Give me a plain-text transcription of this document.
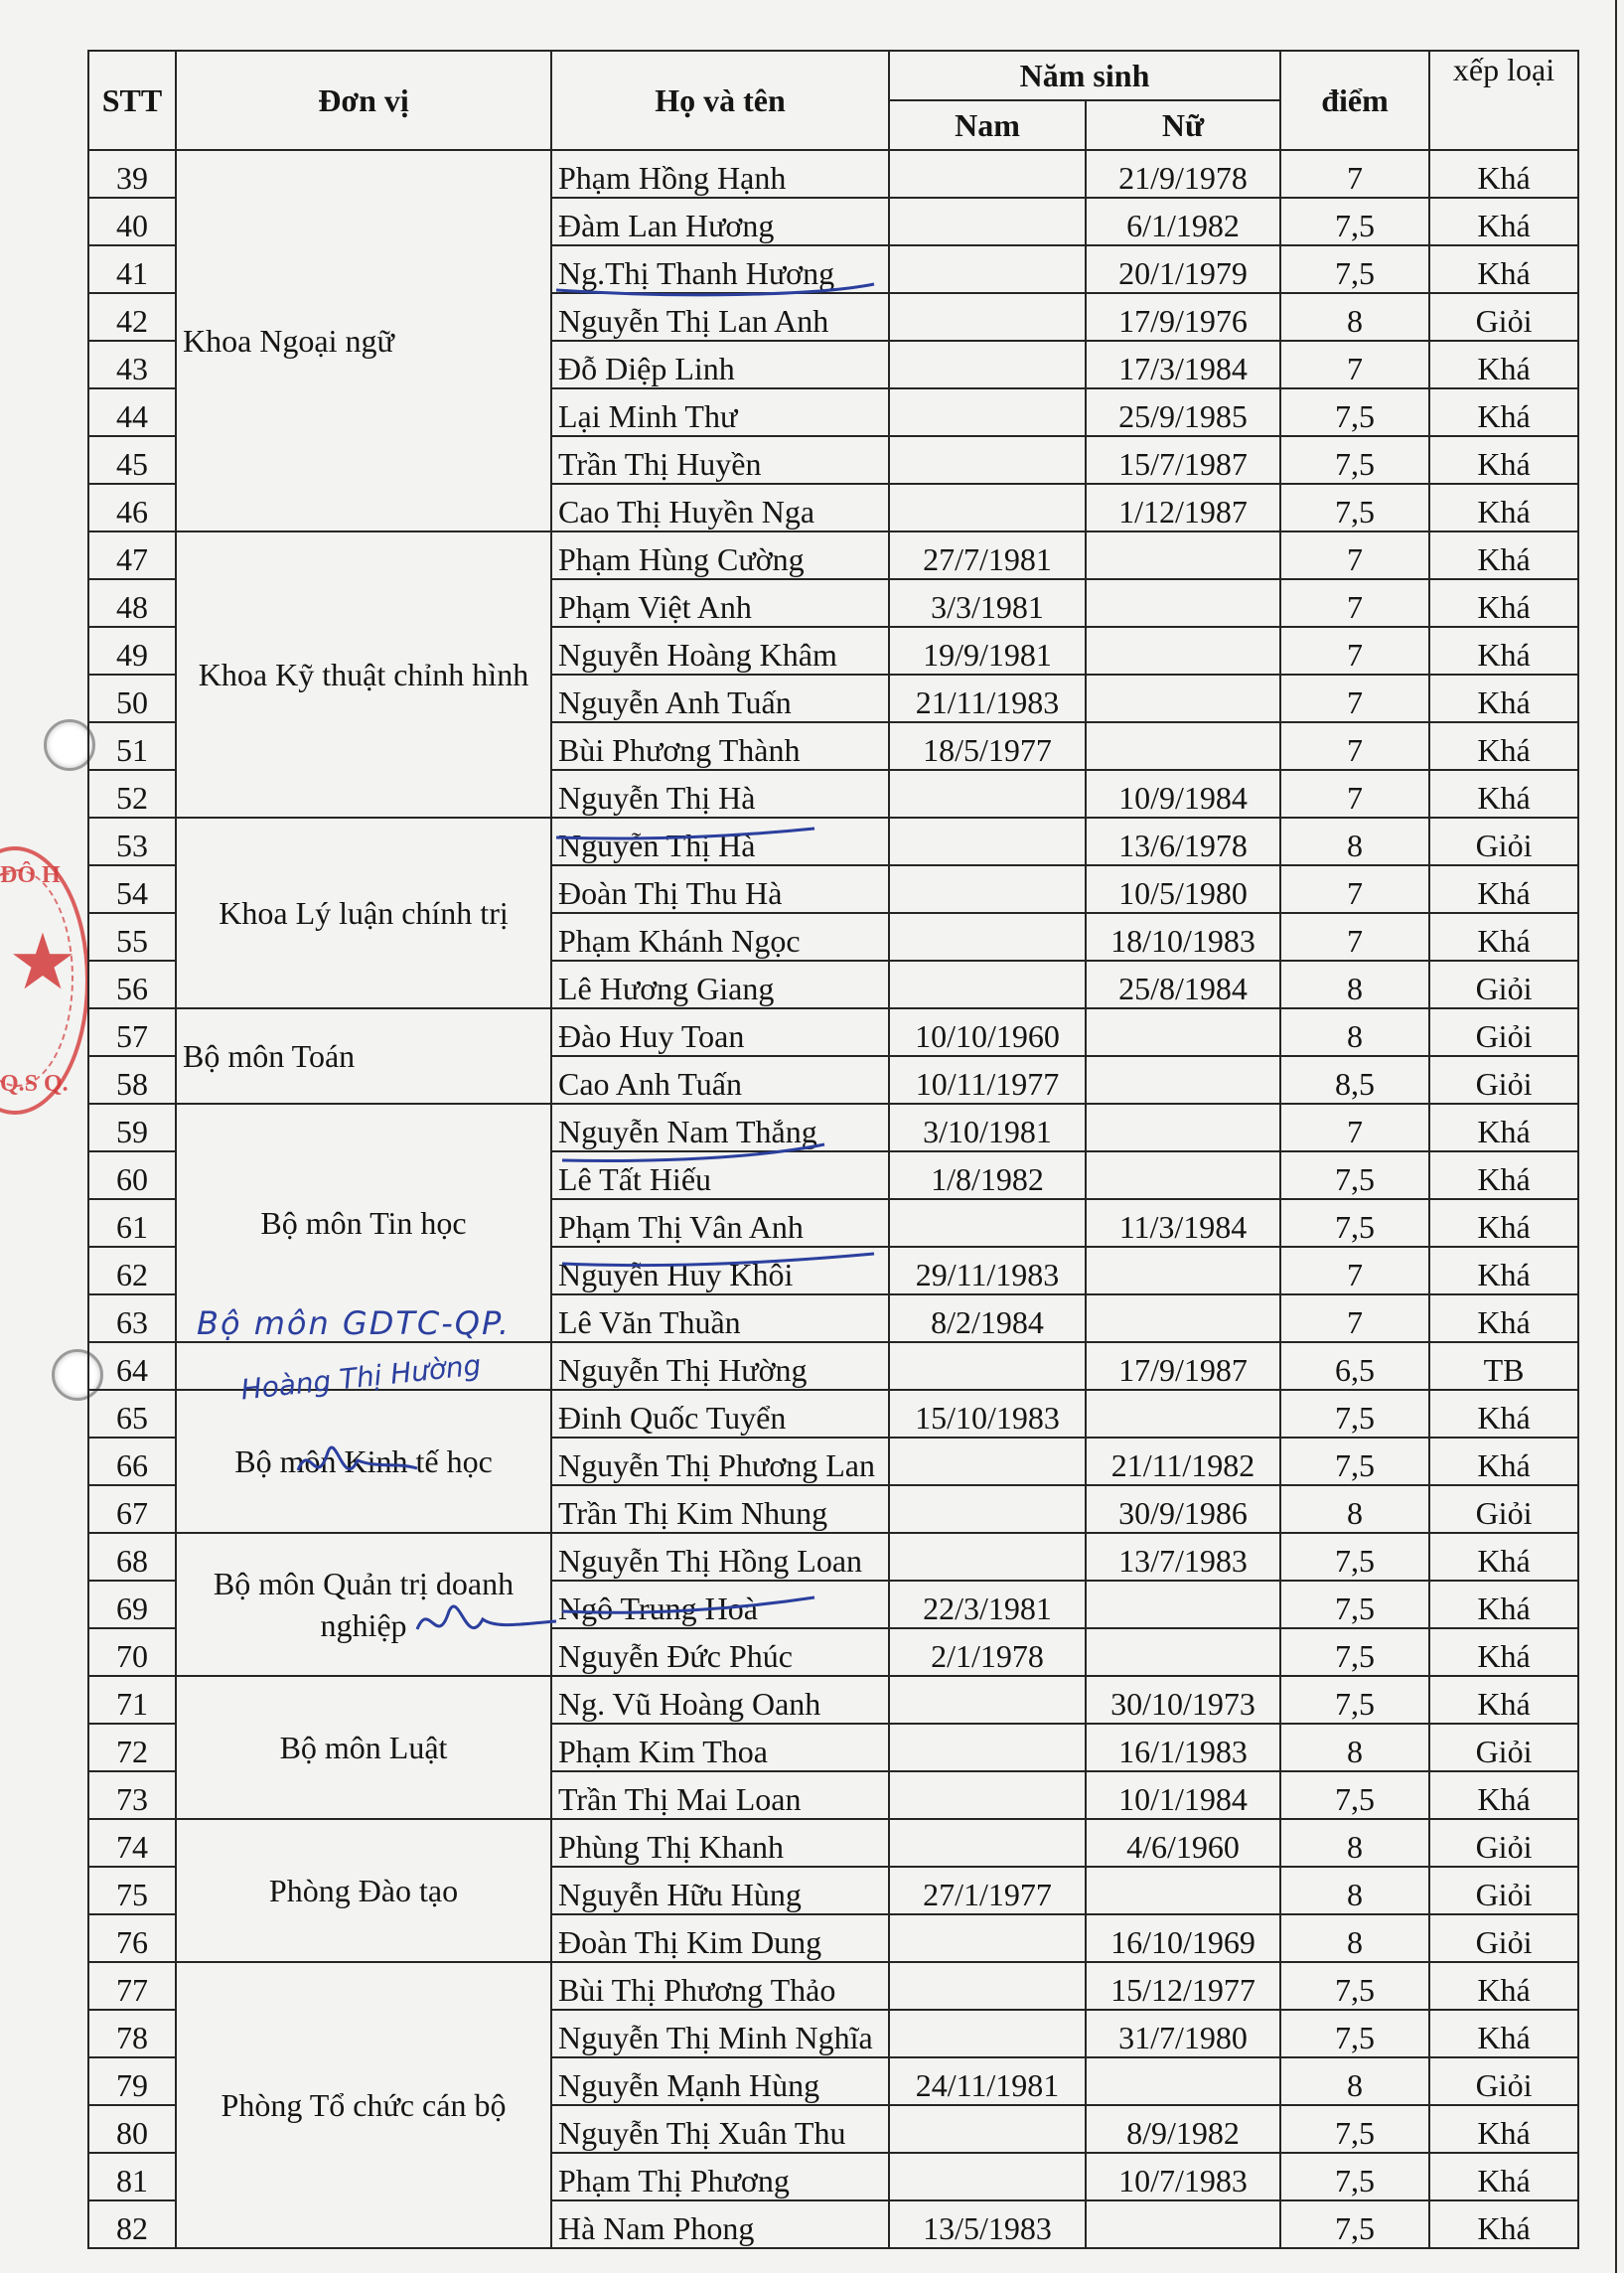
★
ĐÔ H
Q.S Q.
STT	Đơn vị	Họ và tên	Năm sinh		điểm	xếp loại
			Nam	Nữ		
39	Khoa Ngoại ngữ	Phạm Hồng Hạnh		21/9/1978	7	Khá
40		Đàm Lan Hương		6/1/1982	7,5	Khá
41		Ng.Thị Thanh Hương		20/1/1979	7,5	Khá
42		Nguyễn Thị Lan Anh		17/9/1976	8	Giỏi
43		Đỗ Diệp Linh		17/3/1984	7	Khá
44		Lại Minh Thư		25/9/1985	7,5	Khá
45		Trần Thị Huyền		15/7/1987	7,5	Khá
46		Cao Thị Huyền Nga		1/12/1987	7,5	Khá
47	Khoa Kỹ thuật chỉnh hình	Phạm Hùng Cường	27/7/1981		7	Khá
48		Phạm Việt Anh	3/3/1981		7	Khá
49		Nguyễn Hoàng Khâm	19/9/1981		7	Khá
50		Nguyễn Anh Tuấn	21/11/1983		7	Khá
51		Bùi Phương Thành	18/5/1977		7	Khá
52		Nguyễn Thị Hà		10/9/1984	7	Khá
53	Khoa Lý luận chính trị	Nguyễn Thị Hà		13/6/1978	8	Giỏi
54		Đoàn Thị Thu Hà		10/5/1980	7	Khá
55		Phạm Khánh Ngọc		18/10/1983	7	Khá
56		Lê Hương Giang		25/8/1984	8	Giỏi
57	Bộ môn Toán	Đào Huy Toan	10/10/1960		8	Giỏi
58		Cao Anh Tuấn	10/11/1977		8,5	Giỏi
59	Bộ môn Tin học	Nguyễn Nam Thắng	3/10/1981		7	Khá
60		Lê Tất Hiếu	1/8/1982		7,5	Khá
61		Phạm Thị Vân Anh		11/3/1984	7,5	Khá
62		Nguyễn Huy Khôi	29/11/1983		7	Khá
63		Lê Văn Thuần	8/2/1984		7	Khá
64		Nguyễn Thị Hường		17/9/1987	6,5	TB
65	Bộ môn Kinh tế học	Đinh Quốc Tuyển	15/10/1983		7,5	Khá
66		Nguyễn Thị Phương Lan		21/11/1982	7,5	Khá
67		Trần Thị Kim Nhung		30/9/1986	8	Giỏi
68	Bộ môn Quản trị doanh nghiệp	Nguyễn Thị Hồng Loan		13/7/1983	7,5	Khá
69		Ngô Trung Hoà	22/3/1981		7,5	Khá
70		Nguyễn Đức Phúc	2/1/1978		7,5	Khá
71	Bộ môn Luật	Ng. Vũ Hoàng Oanh		30/10/1973	7,5	Khá
72		Phạm Kim Thoa		16/1/1983	8	Giỏi
73		Trần Thị Mai Loan		10/1/1984	7,5	Khá
74	Phòng Đào tạo	Phùng Thị Khanh		4/6/1960	8	Giỏi
75		Nguyễn Hữu Hùng	27/1/1977		8	Giỏi
76		Đoàn Thị Kim Dung		16/10/1969	8	Giỏi
77	Phòng Tổ chức cán bộ	Bùi Thị Phương Thảo		15/12/1977	7,5	Khá
78		Nguyễn Thị Minh Nghĩa		31/7/1980	7,5	Khá
79		Nguyễn Mạnh Hùng	24/11/1981		8	Giỏi
80		Nguyễn Thị Xuân Thu		8/9/1982	7,5	Khá
81		Phạm Thị Phương		10/7/1983	7,5	Khá
82		Hà Nam Phong	13/5/1983		7,5	Khá
Bộ môn GDTC-QP.
Hoàng Thị Hường
